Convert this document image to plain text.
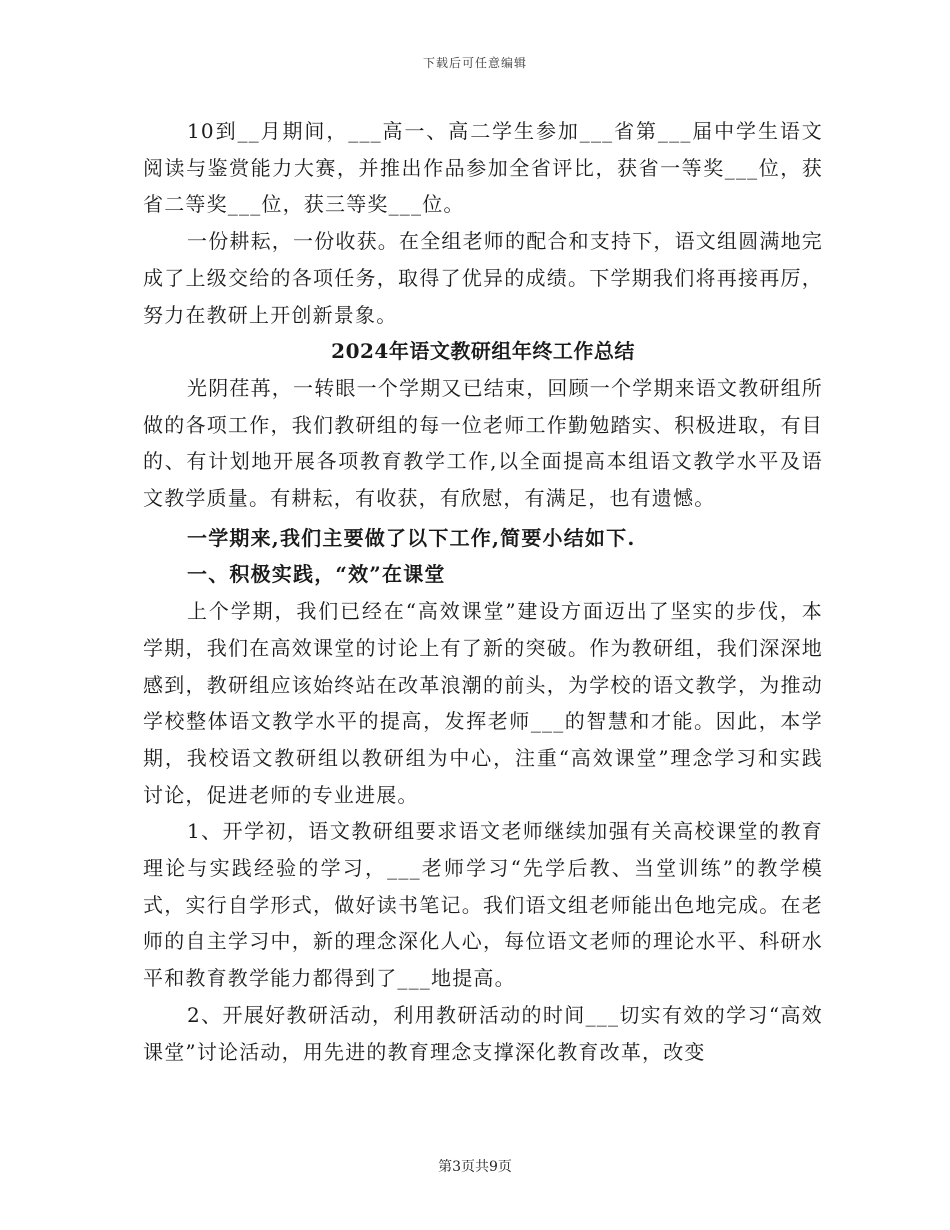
下载后可任意编辑

10到__月期间，___高一、高二学生参加___省第___届中学生语文阅读与鉴赏能力大赛，并推出作品参加全省评比，获省一等奖___位，获省二等奖___位，获三等奖___位。

一份耕耘，一份收获。在全组老师的配合和支持下，语文组圆满地完成了上级交给的各项任务，取得了优异的成绩。下学期我们将再接再厉，努力在教研上开创新景象。

2024年语文教研组年终工作总结

光阴荏苒，一转眼一个学期又已结束，回顾一个学期来语文教研组所做的各项工作，我们教研组的每一位老师工作勤勉踏实、积极进取，有目的、有计划地开展各项教育教学工作,以全面提高本组语文教学水平及语文教学质量。有耕耘，有收获，有欣慰，有满足，也有遗憾。

一学期来,我们主要做了以下工作,简要小结如下.

一、积极实践，“效”在课堂

上个学期，我们已经在“高效课堂”建设方面迈出了坚实的步伐，本学期，我们在高效课堂的讨论上有了新的突破。作为教研组，我们深深地感到，教研组应该始终站在改革浪潮的前头，为学校的语文教学，为推动学校整体语文教学水平的提高，发挥老师___的智慧和才能。因此，本学期，我校语文教研组以教研组为中心，注重“高效课堂”理念学习和实践讨论，促进老师的专业进展。

1、开学初，语文教研组要求语文老师继续加强有关高校课堂的教育理论与实践经验的学习，___老师学习“先学后教、当堂训练”的教学模式，实行自学形式，做好读书笔记。我们语文组老师能出色地完成。在老师的自主学习中，新的理念深化人心，每位语文老师的理论水平、科研水平和教育教学能力都得到了___地提高。

2、开展好教研活动，利用教研活动的时间___切实有效的学习“高效课堂”讨论活动，用先进的教育理念支撑深化教育改革，改变

第3页共9页
